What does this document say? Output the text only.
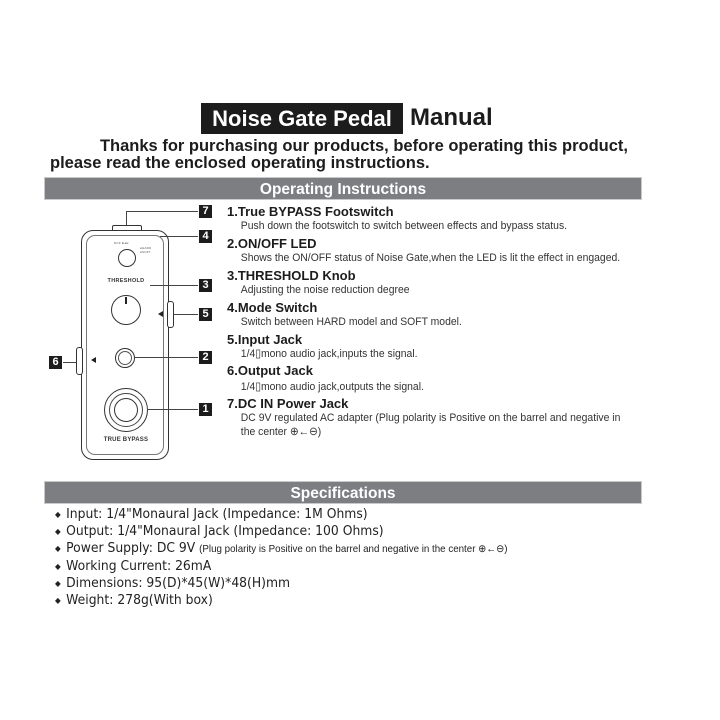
Noise Gate Pedal Manual
Thanks for purchasing our products, before operating this product,
please read the enclosed operating instructions.
Operating Instructions
DC9 ⊕◂⊖
●HARD
●SOFT
THRESHOLD
TRUE BYPASS
7
4
3
5
2
1
6
1.True BYPASS Footswitch
Push down the footswitch to switch between effects and bypass status.
2.ON/OFF LED
Shows the ON/OFF status of Noise Gate,when the LED is lit the effect in engaged.
3.THRESHOLD Knob
Adjusting the noise reduction degree
4.Mode Switch
Switch between HARD model and SOFT model.
5.Input Jack
1/4▯mono audio jack,inputs the signal.
6.Output Jack
1/4▯mono audio jack,outputs the signal.
7.DC IN Power Jack
DC 9V regulated AC adapter (Plug polarity is Positive on the barrel and negative in the center ⊕←⊖)
Specifications
◆ Input: 1/4"Monaural Jack (Impedance: 1M Ohms)
◆ Output: 1/4"Monaural Jack (Impedance: 100 Ohms)
◆ Power Supply: DC 9V (Plug polarity is Positive on the barrel and negative in the center ⊕←⊖)
◆ Working Current: 26mA
◆ Dimensions: 95(D)*45(W)*48(H)mm
◆ Weight: 278g(With box)
